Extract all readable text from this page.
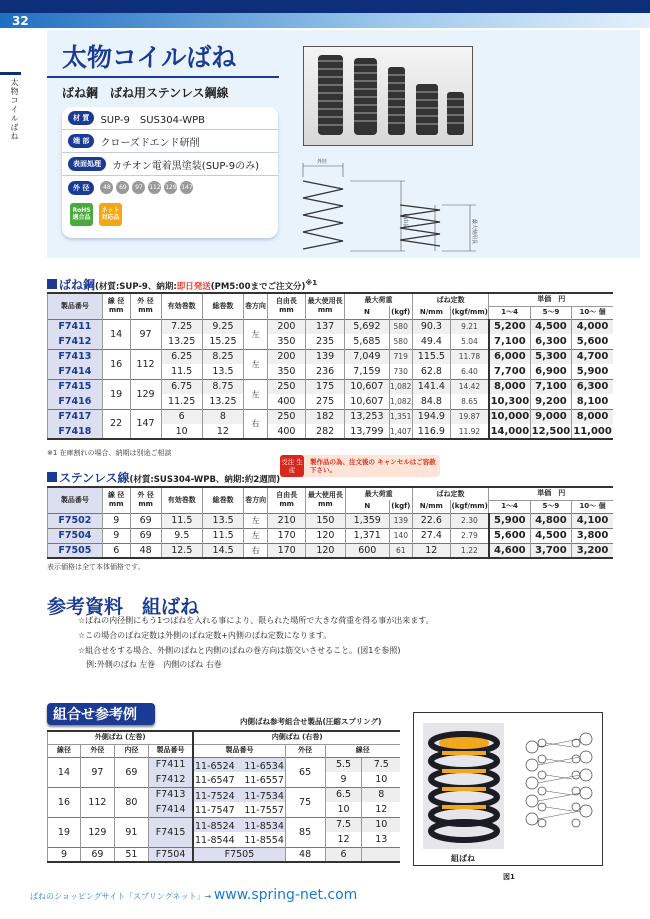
32
太物コイルばね
太物コイルばね
ばね鋼　ばね用ステンレス鋼線
材 質	SUP-9　SUS304-WPB
端 部	クローズドエンド研削
表面処理	カチオン電着黒塗装(SUP-9のみ)
外 径	48 69 97 112 129 147
RoHS 適合品ネット 対応品
外径
自由長	最大使用長
ばね鋼(材質:SUP-9、納期:即日発送(PM5:00までご注文分)$^{※1}$
製品番号	線 径
mm	外 径
mm	有効巻数	総巻数	巻方向	自由長
mm	最大使用長
mm	最大荷重		ばね定数		単価　円		
								N	(kgf)	N/mm	(kgf/mm)	1～4	5～9	10～ 個
F7411	14	97	7.25	9.25	左	200	137	5,692	580	90.3	9.21	5,200	4,500	4,000
F7412			13.25	15.25		350	235	5,685	580	49.4	5.04	7,100	6,300	5,600
F7413	16	112	6.25	8.25	左	200	139	7,049	719	115.5	11.78	6,000	5,300	4,700
F7414			11.5	13.5		350	236	7,159	730	62.8	6.40	7,700	6,900	5,900
F7415	19	129	6.75	8.75	左	250	175	10,607	1,082	141.4	14.42	8,000	7,100	6,300
F7416			11.25	13.25		400	275	10,607	1,082	84.8	8.65	10,300	9,200	8,100
F7417	22	147	6	8	右	250	182	13,253	1,351	194.9	19.87	10,000	9,000	8,000
F7418			10	12		400	282	13,799	1,407	116.9	11.92	14,000	12,500	11,000
※1 在庫割れの場合、納期は別途ご相談
受注 生産
製作品の為、注文後の キャンセルはご容赦下さい。
ステンレス線(材質:SUS304-WPB、納期:約2週間)
製品番号	線 径
mm	外 径
mm	有効巻数	総巻数	巻方向	自由長
mm	最大使用長
mm	最大荷重		ばね定数		単価　円		
								N	(kgf)	N/mm	(kgf/mm)	1～4	5～9	10～ 個
F7502	9	69	11.5	13.5	左	210	150	1,359	139	22.6	2.30	5,900	4,800	4,100
F7504	9	69	9.5	11.5	左	170	120	1,371	140	27.4	2.79	5,600	4,500	3,800
F7505	6	48	12.5	14.5	右	170	120	600	61	12	1.22	4,600	3,700	3,200
表示価格は全て本体価格です。
参考資料　組ばね
☆ばねの内径側にもう1つばねを入れる事により、限られた場所で大きな荷重を得る事が出来ます。
☆この場合のばね定数は外側のばね定数+内側のばね定数になります。
☆組合せをする場合、外側のばねと内側のばねの巻方向は筋交いさせること。(図1を参照)
　例:外側のばね 左巻　内側のばね 右巻
組合せ参考例	内側ばね参考組合せ製品(圧縮スプリング)
外側ばね (左巻)				内側ばね (右巻)			
線径	外径	内径	製品番号	製品番号	外径	線径	
14	97	69	F7411	11-6524　11-6534	65	5.5	7.5
			F7412	11-6547　11-6557		9	10
16	112	80	F7413	11-7524　11-7534	75	6.5	8
			F7414	11-7547　11-7557		10	12
19	129	91	F7415	11-8524　11-8534	85	7.5	10
				11-8544　11-8554		12	13
9	69	51	F7504	F7505	48	6		組ばね
図1
ばねのショッピングサイト「スプリングネット」→ www.spring-net.com
